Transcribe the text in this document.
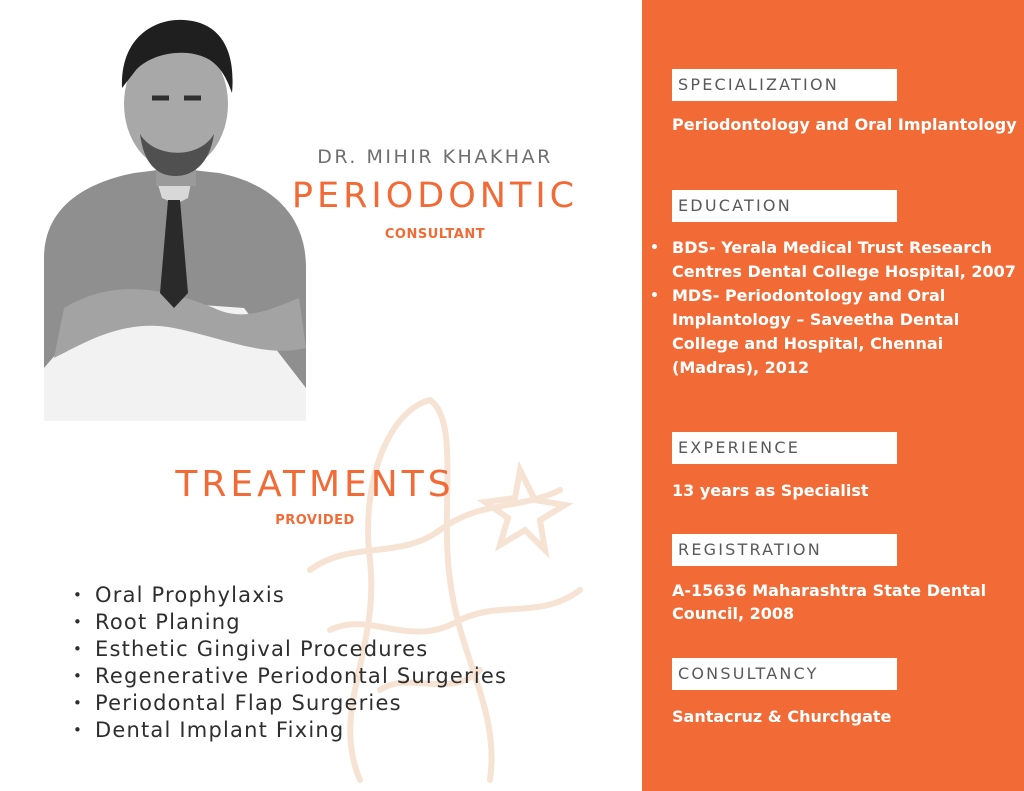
DR. MIHIR KHAKHAR
PERIODONTIC
CONSULTANT
TREATMENTS
PROVIDED
• Oral Prophylaxis
• Root Planing
• Esthetic Gingival Procedures
• Regenerative Periodontal Surgeries
• Periodontal Flap Surgeries
• Dental Implant Fixing
SPECIALIZATION
Periodontology and Oral Implantology
EDUCATION
• BDS- Yerala Medical Trust Research Centres Dental College Hospital, 2007
• MDS- Periodontology and Oral Implantology – Saveetha Dental College and Hospital, Chennai (Madras), 2012
EXPERIENCE
13 years as Specialist
REGISTRATION
A-15636 Maharashtra State Dental Council, 2008
CONSULTANCY
Santacruz & Churchgate
